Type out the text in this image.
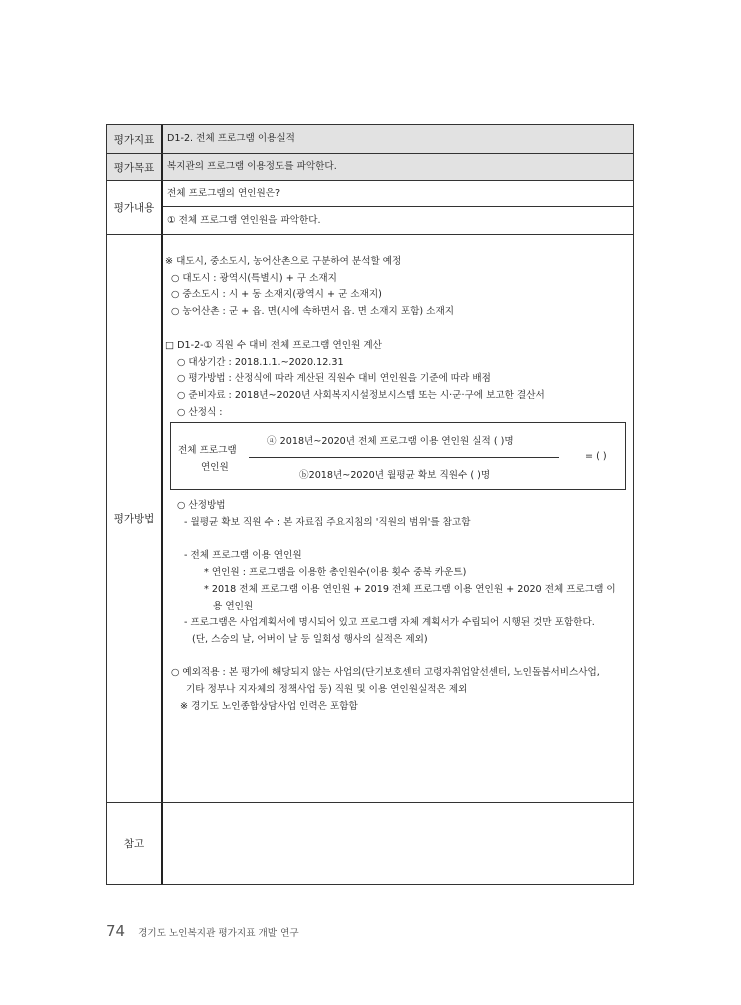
평가지표	D1-2. 전체 프로그램 이용실적
평가목표	복지관의 프로그램 이용정도를 파악한다.
평가내용
전체 프로그램의 연인원은?
① 전체 프로그램 연인원을 파악한다.
평가방법
참고
※ 대도시, 중소도시, 농어산촌으로 구분하여 분석할 예정
○ 대도시 : 광역시(특별시) + 구 소재지
○ 중소도시 : 시 + 동 소재지(광역시 + 군 소재지)
○ 농어산촌 : 군 + 읍. 면(시에 속하면서 읍. 면 소재지 포함) 소재지
□ D1-2-① 직원 수 대비 전체 프로그램 연인원 계산
○ 대상기간 : 2018.1.1.~2020.12.31
○ 평가방법 : 산정식에 따라 계산된 직원수 대비 연인원을 기준에 따라 배점
○ 준비자료 : 2018년~2020년 사회복지시설정보시스템 또는 시·군·구에 보고한 결산서
○ 산정식 :
전체 프로그램
연인원
ⓐ 2018년~2020년 전체 프로그램 이용 연인원 실적 ( )명
ⓑ2018년~2020년 월평균 확보 직원수 ( )명
= ( )
○ 산정방법
- 월평균 확보 직원 수 : 본 자료집 주요지침의 '직원의 범위'를 참고함
- 전체 프로그램 이용 연인원
* 연인원 : 프로그램을 이용한 총인원수(이용 횟수 중복 카운트)
* 2018 전체 프로그램 이용 연인원 + 2019 전체 프로그램 이용 연인원 + 2020 전체 프로그램 이
용 연인원
- 프로그램은 사업계획서에 명시되어 있고 프로그램 자체 계획서가 수립되어 시행된 것만 포함한다.
(단, 스승의 날, 어버이 날 등 일회성 행사의 실적은 제외)
○ 예외적용 : 본 평가에 해당되지 않는 사업의(단기보호센터 고령자취업알선센터, 노인돌봄서비스사업,
기타 정부나 지자체의 정책사업 등) 직원 및 이용 연인원실적은 제외
※ 경기도 노인종합상담사업 인력은 포함함
74 경기도 노인복지관 평가지표 개발 연구
